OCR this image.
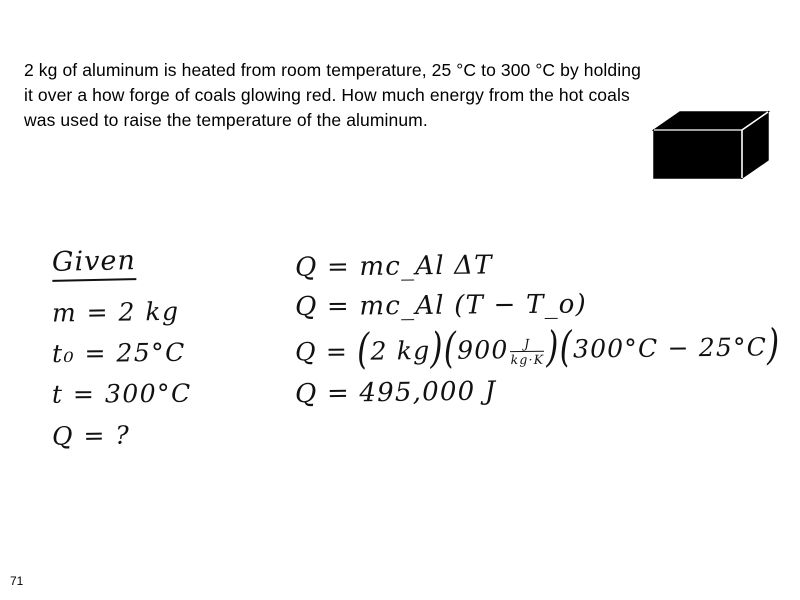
2 kg of aluminum is heated from room temperature, 25 °C to 300 °C by holding it over a how forge of coals glowing red. How much energy from the hot coals was used to raise the temperature of the aluminum.
Given
m = 2 kg
t₀ = 25°C
t = 300°C
Q = ?
Q = mc_Al ΔT
Q = mc_Al (T − T_o)
Q = (2 $kg)(900 \frac{J}{kg\cdot K} )(300^\circ C - 25^\circ C)$
Q = 495,000 J
71
